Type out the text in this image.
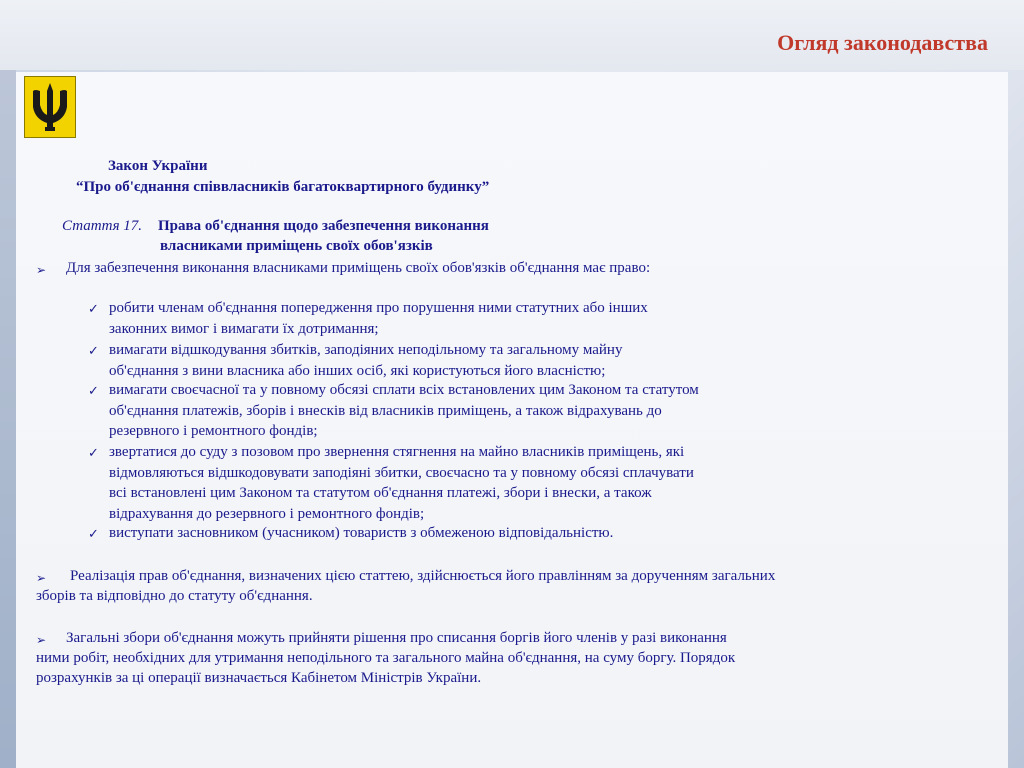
Огляд законодавства
Закон України
“Про об'єднання співвласників багатоквартирного будинку”
Стаття 17. Права об'єднання щодо забезпечення виконання
власниками приміщень своїх обов'язків
➢ Для забезпечення виконання власниками приміщень своїх обов'язків об'єднання має право:
✓ робити членам об'єднання попередження про порушення ними статутних або інших
законних вимог і вимагати їх дотримання;
✓ вимагати відшкодування збитків, заподіяних неподільному та загальному майну
об'єднання з вини власника або інших осіб, які користуються його власністю;
✓ вимагати своєчасної та у повному обсязі сплати всіх встановлених цим Законом та статутом
об'єднання платежів, зборів і внесків від власників приміщень, а також відрахувань до
резервного і ремонтного фондів;
✓ звертатися до суду з позовом про звернення стягнення на майно власників приміщень, які
відмовляються відшкодовувати заподіяні збитки, своєчасно та у повному обсязі сплачувати
всі встановлені цим Законом та статутом об'єднання платежі, збори і внески, а також
відрахування до резервного і ремонтного фондів;
✓ виступати засновником (учасником) товариств з обмеженою відповідальністю.
➢ Реалізація прав об'єднання, визначених цією статтею, здійснюється його правлінням за дорученням загальних
зборів та відповідно до статуту об'єднання.
➢ Загальні збори об'єднання можуть прийняти рішення про списання боргів його членів у разі виконання
ними робіт, необхідних для утримання неподільного та загального майна об'єднання, на суму боргу. Порядок
розрахунків за ці операції визначається Кабінетом Міністрів України.
